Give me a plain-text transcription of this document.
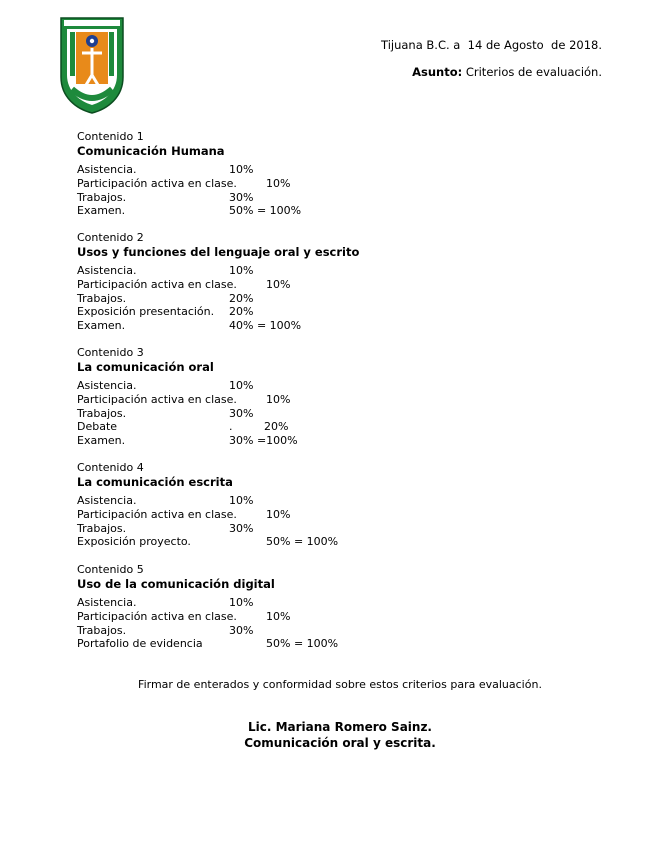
Tijuana B.C. a  14 de Agosto  de 2018.
Asunto: Criterios de evaluación.
Contenido 1
Comunicación Humana
Asistencia.	10%
Participación activa en clase.	10%
Trabajos.	30%
Examen.	50% = 100%
Contenido 2
Usos y funciones del lenguaje oral y escrito
Asistencia.	10%
Participación activa en clase.	10%
Trabajos.	20%
Exposición presentación. 20%
Examen.	40% = 100%
Contenido 3
La comunicación oral
Asistencia.	10%
Participación activa en clase.	10%
Trabajos.	30%
Debate	.         20%
Examen.	30% =100%
Contenido 4
La comunicación escrita
Asistencia.	10%
Participación activa en clase.	10%
Trabajos.	30%
Exposición proyecto.	50% = 100%
Contenido 5
Uso de la comunicación digital
Asistencia.	10%
Participación activa en clase.	10%
Trabajos.	30%
Portafolio de evidencia	50% = 100%
Firmar de enterados y conformidad sobre estos criterios para evaluación.
Lic. Mariana Romero Sainz.
Comunicación oral y escrita.
